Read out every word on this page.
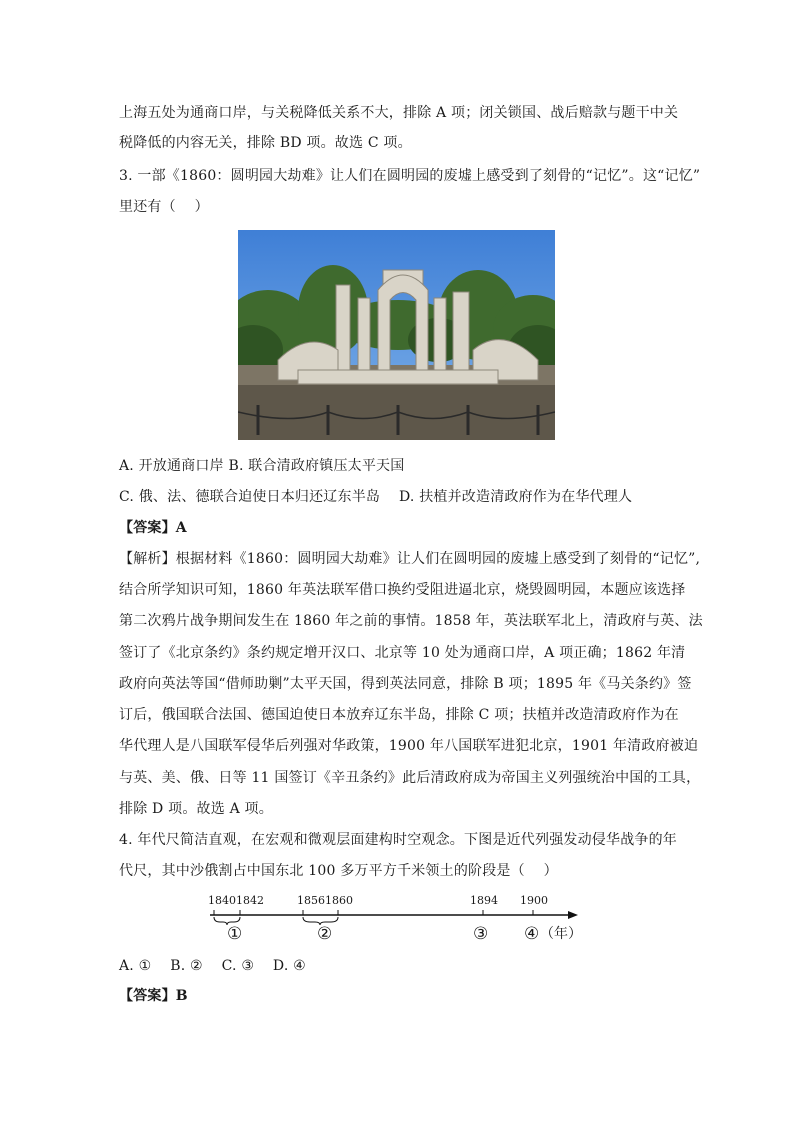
上海五处为通商口岸，与关税降低关系不大，排除 A 项；闭关锁国、战后赔款与题干中关
税降低的内容无关，排除 BD 项。故选 C 项。
3. 一部《1860：圆明园大劫难》让人们在圆明园的废墟上感受到了刻骨的“记忆”。这“记忆”
里还有（　 ）
A. 开放通商口岸 B. 联合清政府镇压太平天国
C. 俄、法、德联合迫使日本归还辽东半岛　 D. 扶植并改造清政府作为在华代理人
【答案】A
【解析】根据材料《1860：圆明园大劫难》让人们在圆明园的废墟上感受到了刻骨的“记忆”,
结合所学知识可知，1860 年英法联军借口换约受阻进逼北京，烧毁圆明园，本题应该选择
第二次鸦片战争期间发生在 1860 年之前的事情。1858 年，英法联军北上，清政府与英、法
签订了《北京条约》条约规定增开汉口、北京等 10 处为通商口岸，A 项正确；1862 年清
政府向英法等国“借师助剿”太平天国，得到英法同意，排除 B 项；1895 年《马关条约》签
订后，俄国联合法国、德国迫使日本放弃辽东半岛，排除 C 项；扶植并改造清政府作为在
华代理人是八国联军侵华后列强对华政策，1900 年八国联军进犯北京，1901 年清政府被迫
与英、美、俄、日等 11 国签订《辛丑条约》此后清政府成为帝国主义列强统治中国的工具，
排除 D 项。故选 A 项。
4. 年代尺简洁直观，在宏观和微观层面建构时空观念。下图是近代列强发动侵华战争的年
代尺，其中沙俄割占中国东北 100 多万平方千米领土的阶段是（　 ）
1840 1842	1856 1860	1894 1900
①	②	③ ④ （年）
A. ①　 B. ②　 C. ③　 D. ④
【答案】B
